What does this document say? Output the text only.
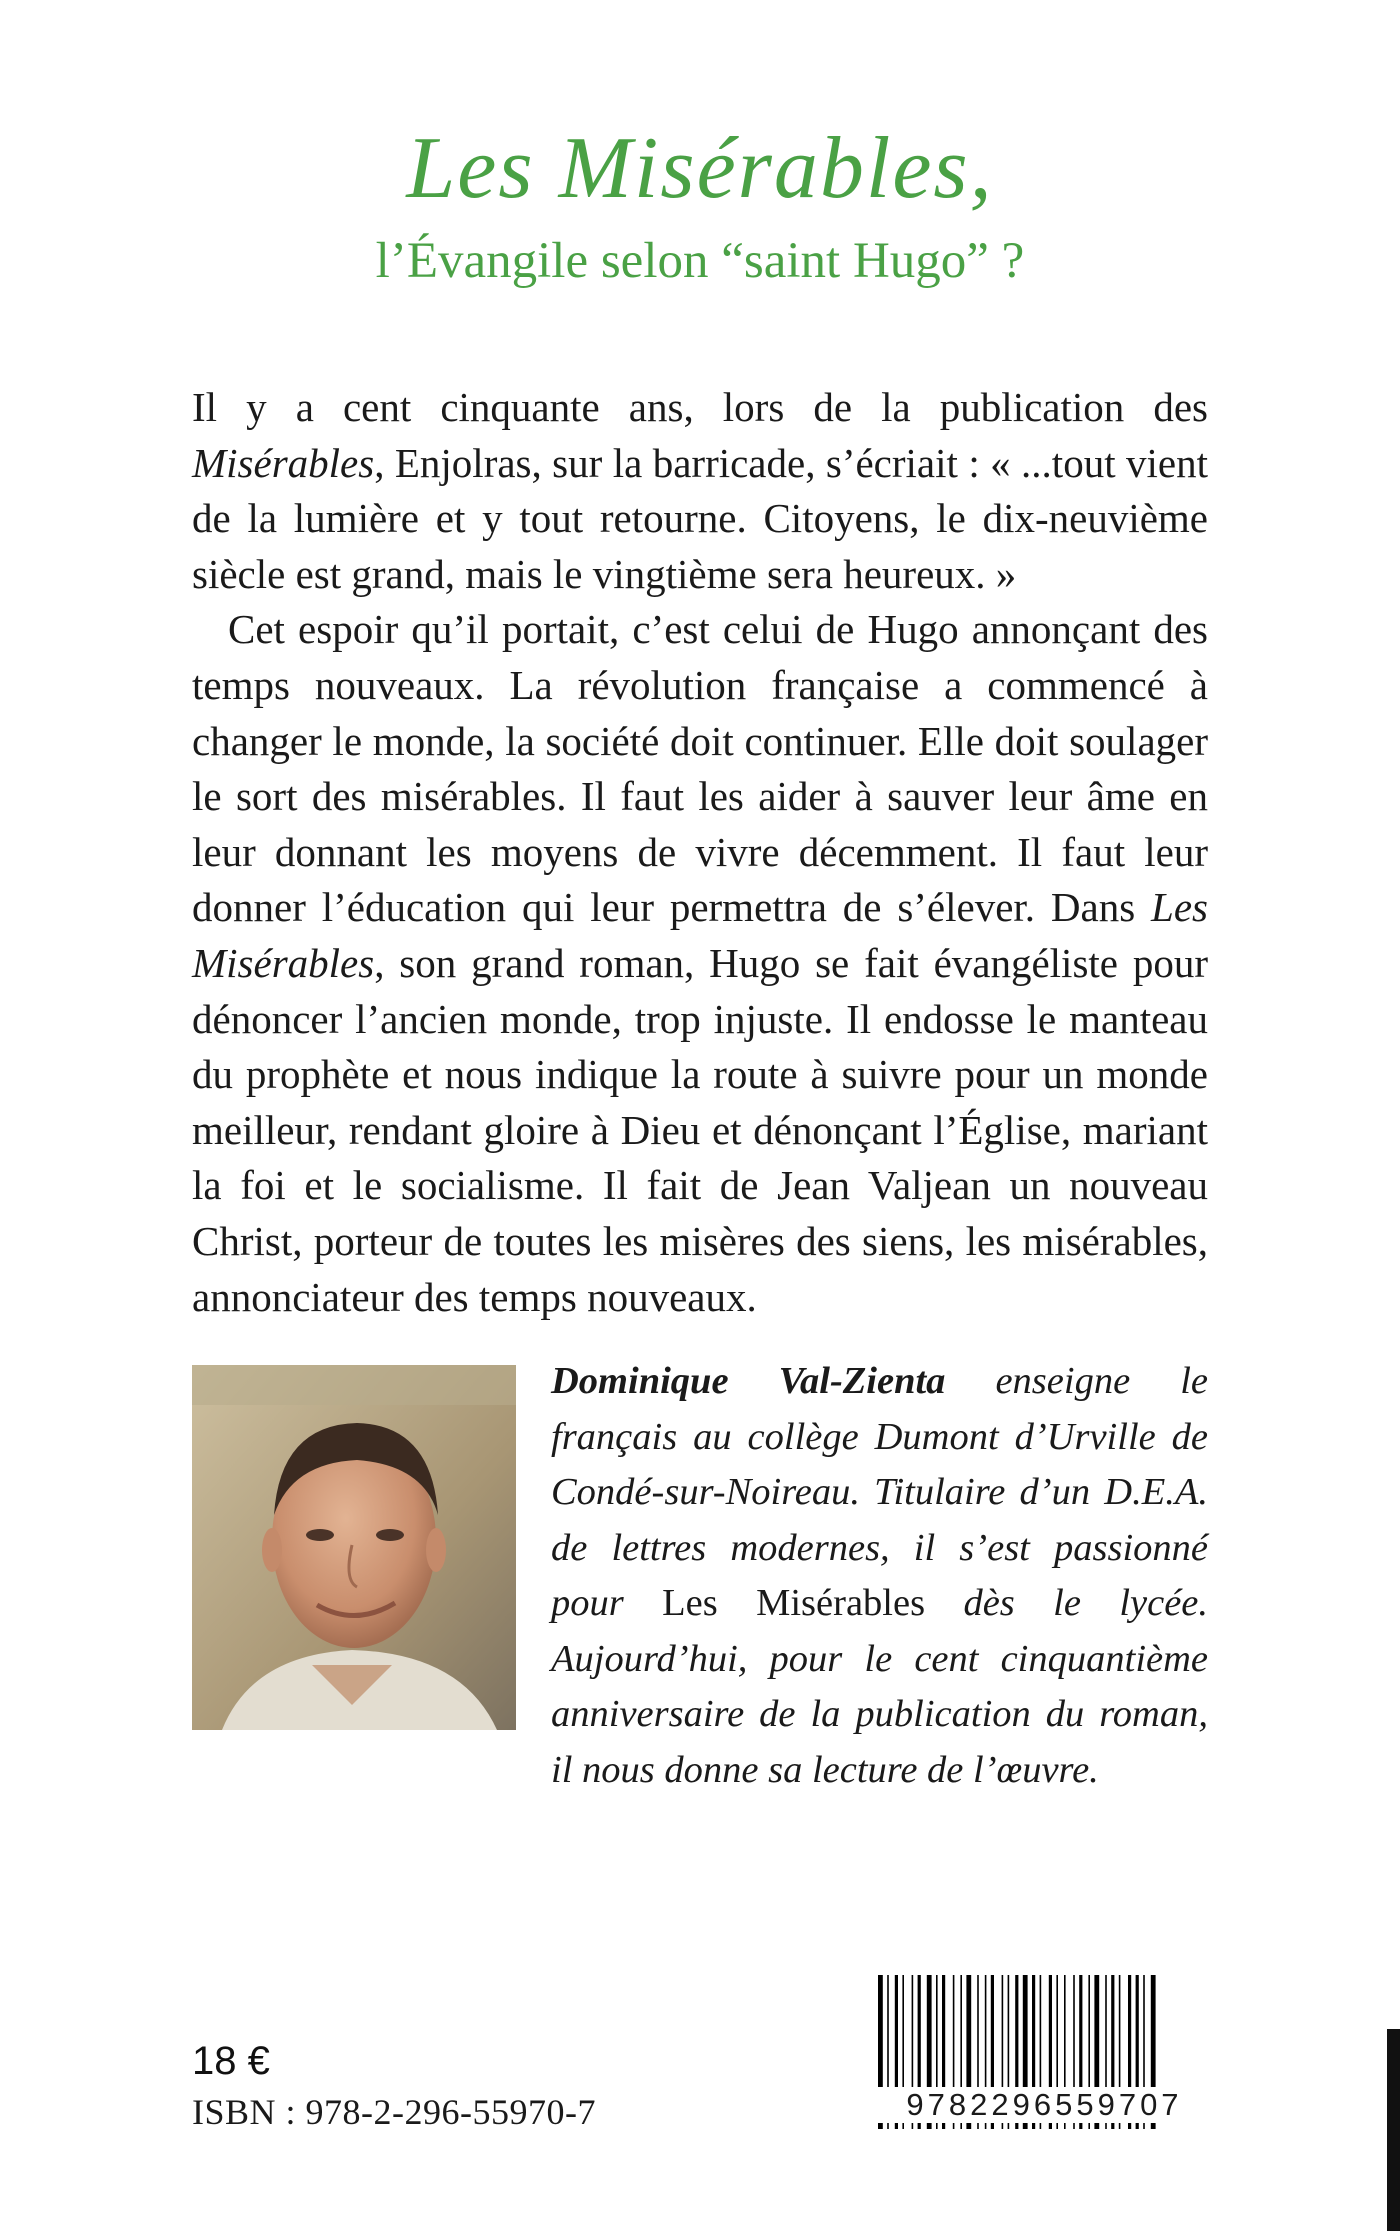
Les Misérables,
l’Évangile selon “saint Hugo” ?

Il y a cent cinquante ans, lors de la publication des Misérables, Enjolras, sur la barricade, s’écriait : « ...tout vient de la lumière et y tout retourne. Citoyens, le dix-neuvième siècle est grand, mais le vingtième sera heureux. »

Cet espoir qu’il portait, c’est celui de Hugo annonçant des temps nouveaux. La révolution française a commencé à changer le monde, la société doit continuer. Elle doit soulager le sort des misérables. Il faut les aider à sauver leur âme en leur donnant les moyens de vivre décemment. Il faut leur donner l’éducation qui leur permettra de s’élever. Dans Les Misérables, son grand roman, Hugo se fait évangéliste pour dénoncer l’ancien monde, trop injuste. Il endosse le manteau du prophète et nous indique la route à suivre pour un monde meilleur, rendant gloire à Dieu et dénonçant l’Église, mariant la foi et le socialisme. Il fait de Jean Valjean un nouveau Christ, porteur de toutes les misères des siens, les misérables, annonciateur des temps nouveaux.

Dominique Val-Zienta enseigne le français au collège Dumont d’Urville de Condé-sur-Noireau. Titulaire d’un D.E.A. de lettres modernes, il s’est passionné pour Les Misérables dès le lycée. Aujourd’hui, pour le cent cinquantième anniversaire de la publication du roman, il nous donne sa lecture de l’œuvre.
18 €
ISBN : 978-2-296-55970-7	9782296559707
